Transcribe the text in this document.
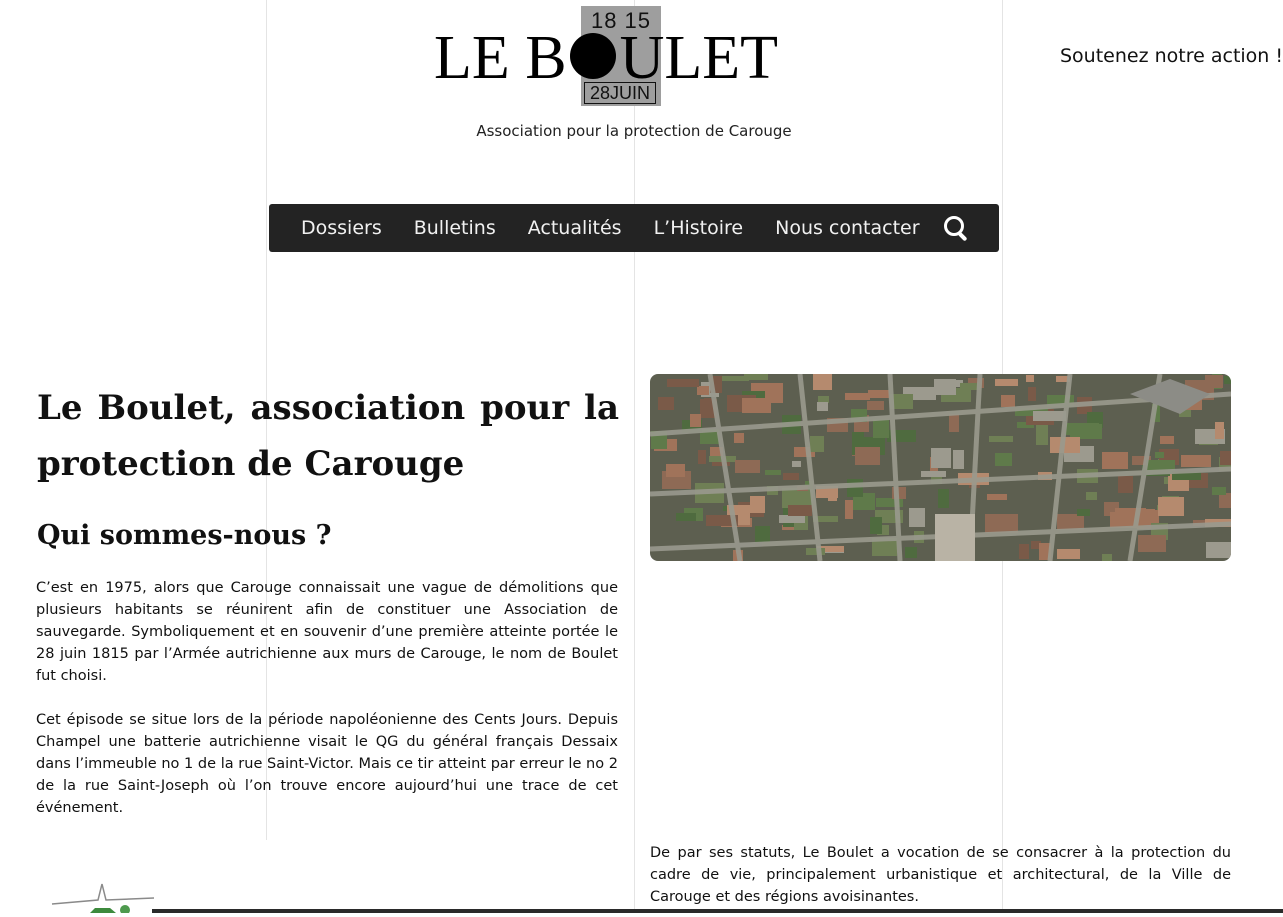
18 15
LE B ULET
28JUIN
Association pour la protection de Carouge
Soutenez notre action !
Dossiers	Bulletins	Actualités	L’Histoire	Nous contacter
Le Boulet, association pour la protection de Carouge
Qui sommes-nous ?

C’est en 1975, alors que Carouge connaissait une vague de démolitions que plusieurs habitants se réunirent afin de constituer une Association de sauvegarde. Symboliquement et en souvenir d’une première atteinte portée le 28 juin 1815 par l’Armée autrichienne aux murs de Carouge, le nom de Boulet fut choisi.

Cet épisode se situe lors de la période napoléonienne des Cents Jours. Depuis Champel une batterie autrichienne visait le QG du général français Dessaix dans l’immeuble no 1 de la rue Saint-Victor. Mais ce tir atteint par erreur le no 2 de la rue Saint-Joseph où l’on trouve encore aujourd’hui une trace de cet événement.

De par ses statuts, Le Boulet a vocation de se consacrer à la protection du cadre de vie, principalement urbanistique et architectural, de la Ville de Carouge et des régions avoisinantes.
